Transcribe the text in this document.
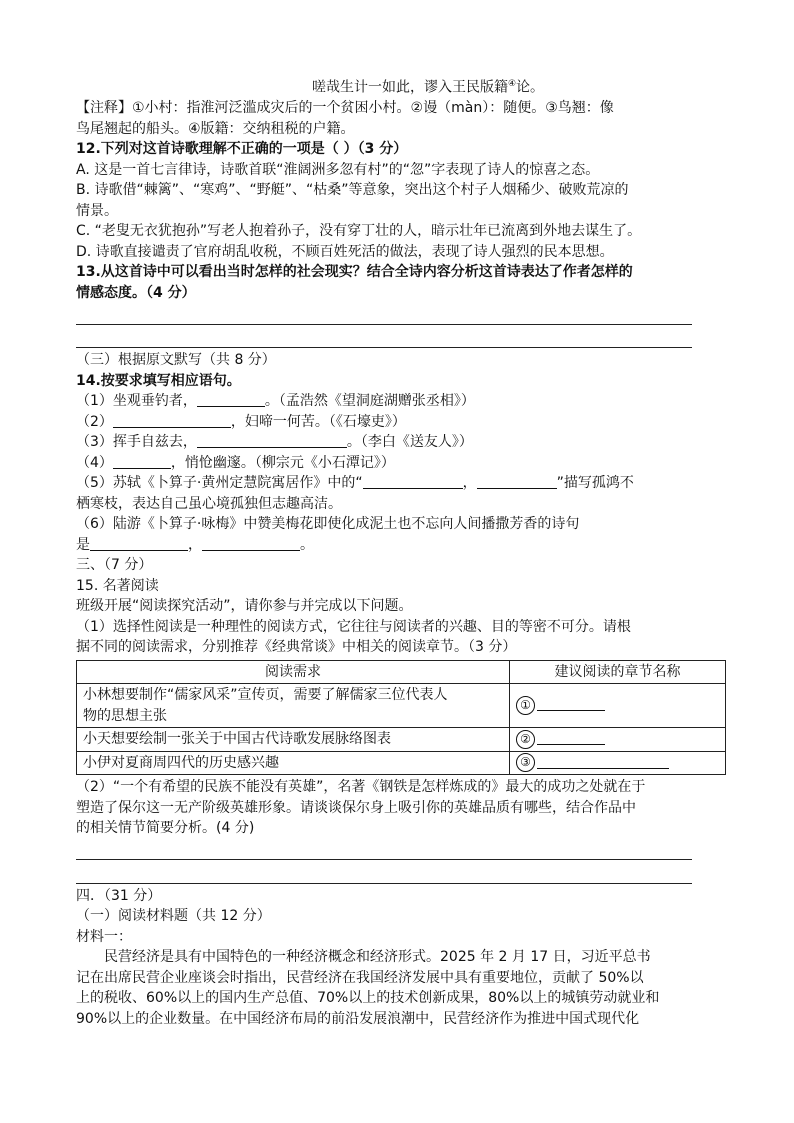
嗟哉生计一如此，谬入王民版籍④论。
【注释】①小村：指淮河泛滥成灾后的一个贫困小村。②谩（màn）：随便。③鸟翘：像
鸟尾翘起的船头。④版籍：交纳租税的户籍。
12.下列对这首诗歌理解不正确的一项是（ ）（3 分）
A. 这是一首七言律诗，诗歌首联“淮阔洲多忽有村”的“忽”字表现了诗人的惊喜之态。
B. 诗歌借“棘篱”、“寒鸡”、“野艇”、“枯桑”等意象，突出这个村子人烟稀少、破败荒凉的
情景。
C. “老叟无衣犹抱孙”写老人抱着孙子，没有穿丁壮的人，暗示壮年已流离到外地去谋生了。
D. 诗歌直接谴责了官府胡乱收税，不顾百姓死活的做法，表现了诗人强烈的民本思想。
13.从这首诗中可以看出当时怎样的社会现实？结合全诗内容分析这首诗表达了作者怎样的
情感态度。（4 分）
（三）根据原文默写（共 8 分）
14.按要求填写相应语句。
（1）坐观垂钓者，	。（孟浩然《望洞庭湖赠张丞相》）
（2）	，妇啼一何苦。（《石壕吏》）
（3）挥手自兹去，	。（李白《送友人》）
（4）	，悄怆幽邃。（柳宗元《小石潭记》）
（5）苏轼《卜算子·黄州定慧院寓居作》中的“	，	”描写孤鸿不
栖寒枝，表达自己虽心境孤独但志趣高洁。
（6）陆游《卜算子·咏梅》中赞美梅花即使化成泥土也不忘向人间播撒芳香的诗句
是	，	。
三、（7 分）
15. 名著阅读
班级开展“阅读探究活动”，请你参与并完成以下问题。
（1）选择性阅读是一种理性的阅读方式，它往往与阅读者的兴趣、目的等密不可分。请根
据不同的阅读需求，分别推荐《经典常谈》中相关的阅读章节。（3 分）
阅读需求	建议阅读的章节名称

小林想要制作“儒家风采”宣传页，需要了解儒家三位代表人
物的思想主张	①
小天想要绘制一张关于中国古代诗歌发展脉络图表	②
小伊对夏商周四代的历史感兴趣	③
（2）“一个有希望的民族不能没有英雄”，名著《钢铁是怎样炼成的》最大的成功之处就在于
塑造了保尔这一无产阶级英雄形象。请谈谈保尔身上吸引你的英雄品质有哪些，结合作品中
的相关情节简要分析。(4 分)
四．（31 分）
（一）阅读材料题（共 12 分）
材料一：
民营经济是具有中国特色的一种经济概念和经济形式。2025 年 2 月 17 日，习近平总书
记在出席民营企业座谈会时指出，民营经济在我国经济发展中具有重要地位，贡献了 50%以
上的税收、60%以上的国内生产总值、70%以上的技术创新成果，80%以上的城镇劳动就业和
90%以上的企业数量。在中国经济布局的前沿发展浪潮中，民营经济作为推进中国式现代化
